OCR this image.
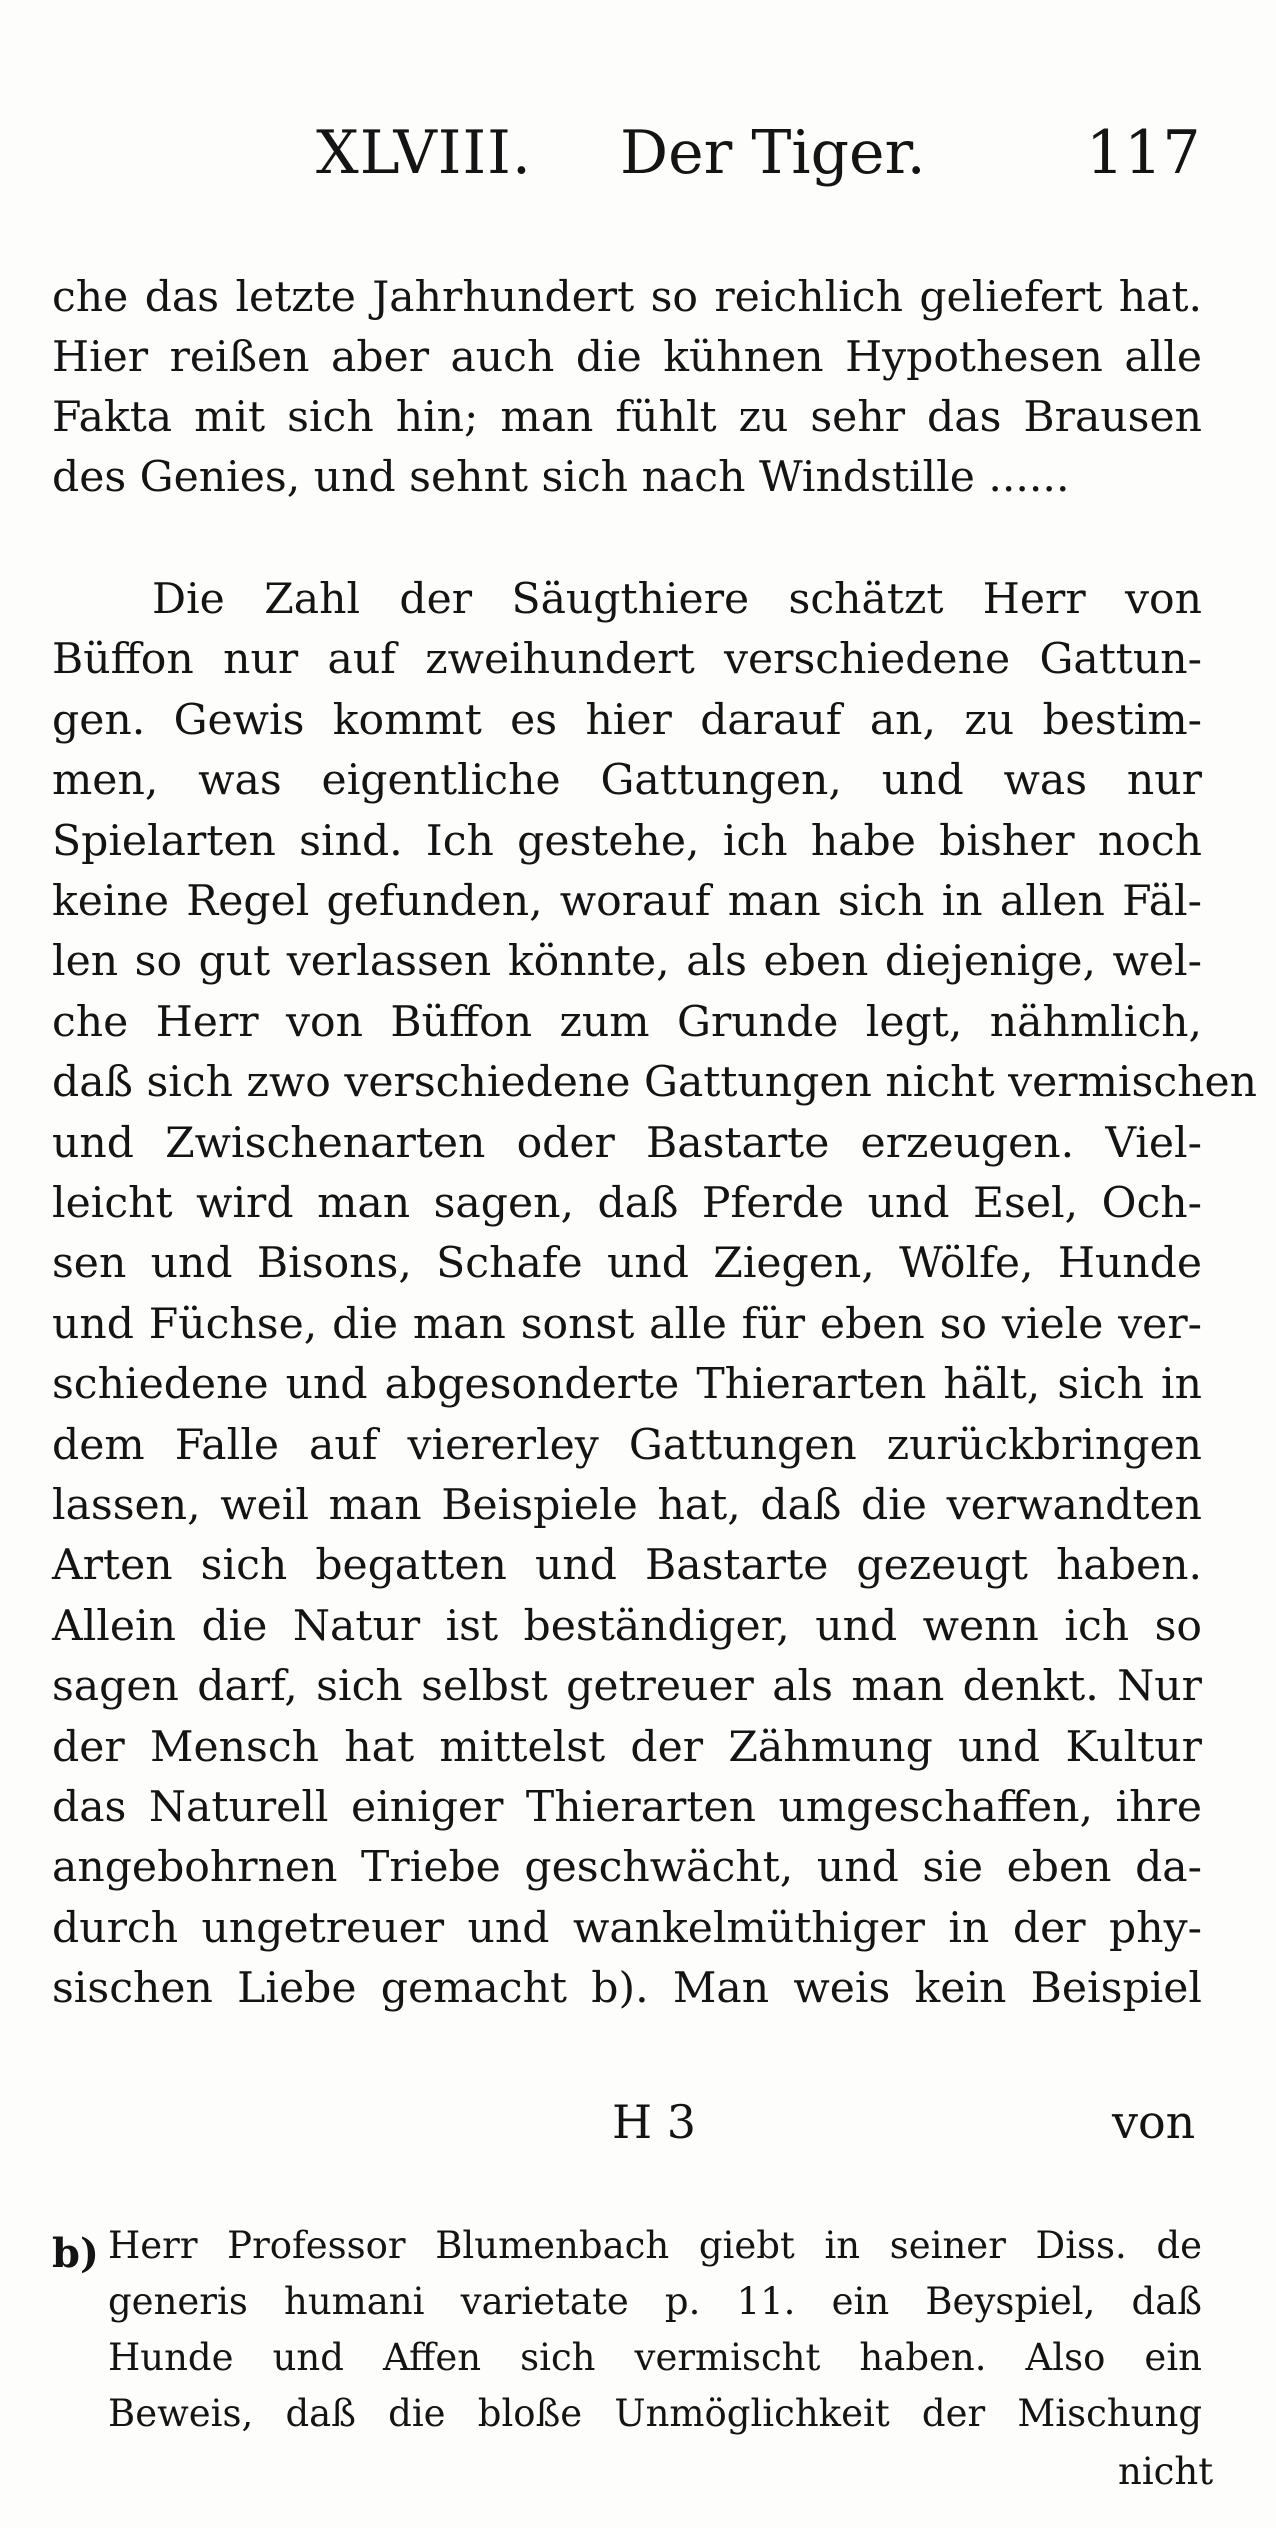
XLVIII. Der Tiger.	117
che das letzte Jahrhundert so reichlich geliefert hat.
Hier reißen aber auch die kühnen Hypothesen alle
Fakta mit sich hin; man fühlt zu sehr das Brausen
des Genies, und sehnt sich nach Windstille ......
Die Zahl der Säugthiere schätzt Herr von
Büffon nur auf zweihundert verschiedene Gattun-
gen. Gewis kommt es hier darauf an, zu bestim-
men, was eigentliche Gattungen, und was nur
Spielarten sind. Ich gestehe, ich habe bisher noch
keine Regel gefunden, worauf man sich in allen Fäl-
len so gut verlassen könnte, als eben diejenige, wel-
che Herr von Büffon zum Grunde legt, nähmlich,
daß sich zwo verschiedene Gattungen nicht vermischen
und Zwischenarten oder Bastarte erzeugen. Viel-
leicht wird man sagen, daß Pferde und Esel, Och-
sen und Bisons, Schafe und Ziegen, Wölfe, Hunde
und Füchse, die man sonst alle für eben so viele ver-
schiedene und abgesonderte Thierarten hält, sich in
dem Falle auf viererley Gattungen zurückbringen
lassen, weil man Beispiele hat, daß die verwandten
Arten sich begatten und Bastarte gezeugt haben.
Allein die Natur ist beständiger, und wenn ich so
sagen darf, sich selbst getreuer als man denkt. Nur
der Mensch hat mittelst der Zähmung und Kultur
das Naturell einiger Thierarten umgeschaffen, ihre
angebohrnen Triebe geschwächt, und sie eben da-
durch ungetreuer und wankelmüthiger in der phy-
sischen Liebe gemacht b). Man weis kein Beispiel
H 3	von
b) Herr Professor Blumenbach giebt in seiner Diss. de
generis humani varietate p. 11. ein Beyspiel, daß
Hunde und Affen sich vermischt haben. Also ein
Beweis, daß die bloße Unmöglichkeit der Mischung
nicht
